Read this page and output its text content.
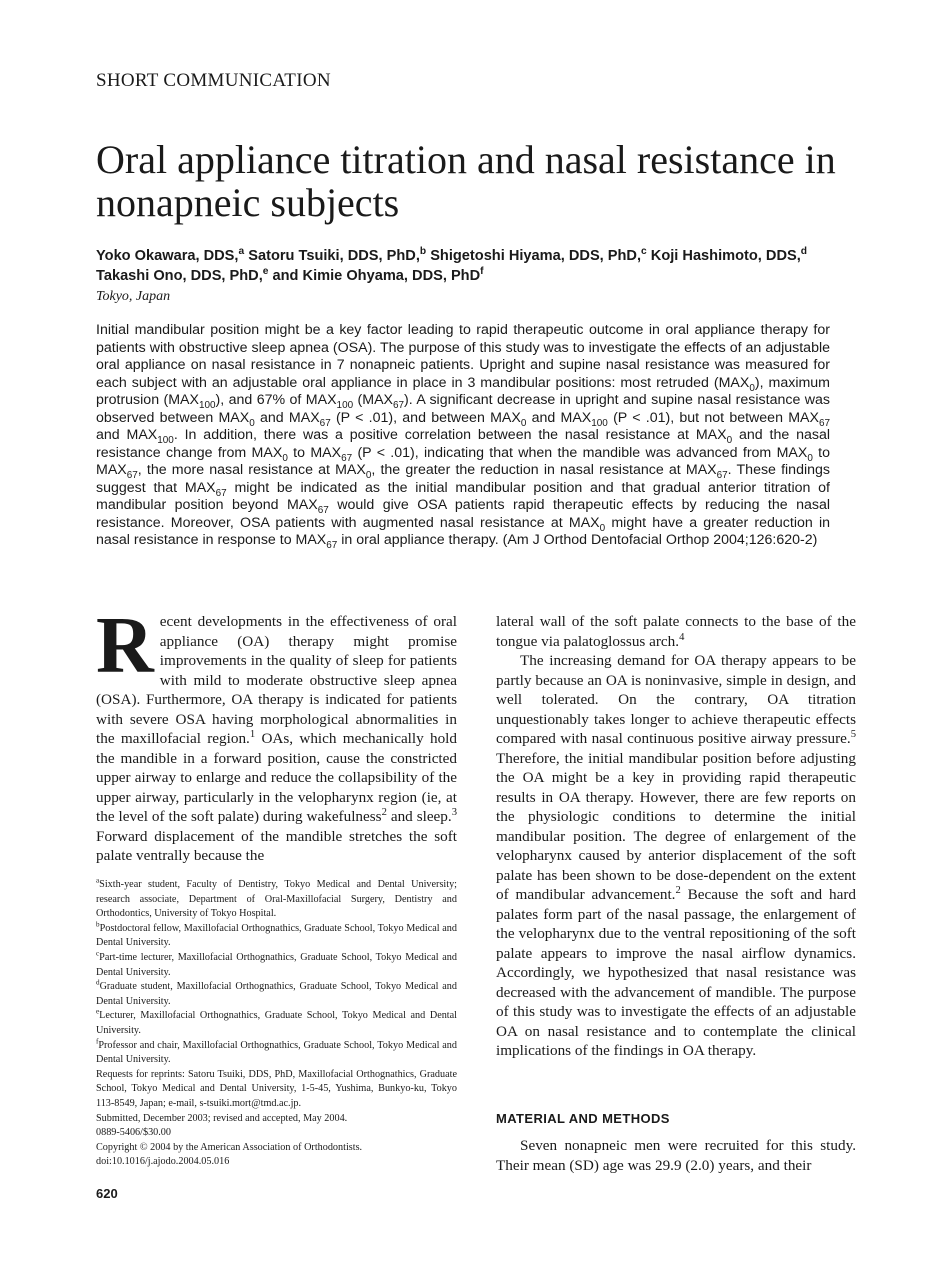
SHORT COMMUNICATION
Oral appliance titration and nasal resistance in nonapneic subjects
Yoko Okawara, DDS,$^a$ Satoru Tsuiki, DDS, PhD,$^b$ Shigetoshi Hiyama, DDS, PhD,$^c$ Koji Hashimoto, DDS,$^d$
Takashi Ono, DDS, PhD,$^e$ and Kimie Ohyama, DDS, PhD$^f$
Tokyo, Japan

Initial mandibular position might be a key factor leading to rapid therapeutic outcome in oral appliance therapy for patients with obstructive sleep apnea (OSA). The purpose of this study was to investigate the effects of an adjustable oral appliance on nasal resistance in 7 nonapneic patients. Upright and supine nasal resistance was measured for each subject with an adjustable oral appliance in place in 3 mandibular positions: most retruded $(MAX_0)$, maximum protrusion $(MAX_{100})$, and 67% of $MAX_{100}$ $(MAX_{67})$. A significant decrease in upright and supine nasal resistance was observed between $MAX_0$ and $MAX_{67}$ (P < .01), and between $MAX_0$ and $MAX_{100}$ (P < .01), but not between $MAX_{67}$ and $MAX_{100}$. In addition, there was a positive correlation between the nasal resistance at $MAX_0$ and the nasal resistance change from $MAX_0$ to $MAX_{67}$ (P < .01), indicating that when the mandible was advanced from $MAX_0$ to $MAX_{67}$, the more nasal resistance at $MAX_0$, the greater the reduction in nasal resistance at $MAX_{67}$. These findings suggest that $MAX_{67}$ might be indicated as the initial mandibular position and that gradual anterior titration of mandibular position beyond $MAX_{67}$ would give OSA patients rapid therapeutic effects by reducing the nasal resistance. Moreover, OSA patients with augmented nasal resistance at $MAX_0$ might have a greater reduction in nasal resistance in response to $MAX_{67}$ in oral appliance therapy. (Am J Orthod Dentofacial Orthop 2004;126:620-2)

Recent developments in the effectiveness of oral appliance (OA) therapy might promise improvements in the quality of sleep for patients with mild to moderate obstructive sleep apnea (OSA). Furthermore, OA therapy is indicated for patients with severe OSA having morphological abnormalities in the maxillofacial region.$^1$ OAs, which mechanically hold the mandible in a forward position, cause the constricted upper airway to enlarge and reduce the collapsibility of the upper airway, particularly in the velopharynx region (ie, at the level of the soft palate) during wakefulness$^2$ and sleep.$^3$ Forward displacement of the mandible stretches the soft palate ventrally because the

$^a$Sixth-year student, Faculty of Dentistry, Tokyo Medical and Dental University; research associate, Department of Oral-Maxillofacial Surgery, Dentistry and Orthodontics, University of Tokyo Hospital.
$^b$Postdoctoral fellow, Maxillofacial Orthognathics, Graduate School, Tokyo Medical and Dental University.
$^c$Part-time lecturer, Maxillofacial Orthognathics, Graduate School, Tokyo Medical and Dental University.
$^d$Graduate student, Maxillofacial Orthognathics, Graduate School, Tokyo Medical and Dental University.
$^e$Lecturer, Maxillofacial Orthognathics, Graduate School, Tokyo Medical and Dental University.
$^f$Professor and chair, Maxillofacial Orthognathics, Graduate School, Tokyo Medical and Dental University.
Requests for reprints: Satoru Tsuiki, DDS, PhD, Maxillofacial Orthognathics, Graduate School, Tokyo Medical and Dental University, 1-5-45, Yushima, Bunkyo-ku, Tokyo 113-8549, Japan; e-mail, s-tsuiki.mort@tmd.ac.jp.
Submitted, December 2003; revised and accepted, May 2004.
0889-5406/$30.00
Copyright © 2004 by the American Association of Orthodontists.
doi:10.1016/j.ajodo.2004.05.016

lateral wall of the soft palate connects to the base of the tongue via palatoglossus arch.$^4$

The increasing demand for OA therapy appears to be partly because an OA is noninvasive, simple in design, and well tolerated. On the contrary, OA titration unquestionably takes longer to achieve therapeutic effects compared with nasal continuous positive airway pressure.$^5$ Therefore, the initial mandibular position before adjusting the OA might be a key in providing rapid therapeutic results in OA therapy. However, there are few reports on the physiologic conditions to determine the initial mandibular position. The degree of enlargement of the velopharynx caused by anterior displacement of the soft palate has been shown to be dose-dependent on the extent of mandibular advancement.$^2$ Because the soft and hard palates form part of the nasal passage, the enlargement of the velopharynx due to the ventral repositioning of the soft palate appears to improve the nasal airflow dynamics. Accordingly, we hypothesized that nasal resistance was decreased with the advancement of mandible. The purpose of this study was to investigate the effects of an adjustable OA on nasal resistance and to contemplate the clinical implications of the findings in OA therapy.

MATERIAL AND METHODS

Seven nonapneic men were recruited for this study. Their mean (SD) age was 29.9 (2.0) years, and their

620
